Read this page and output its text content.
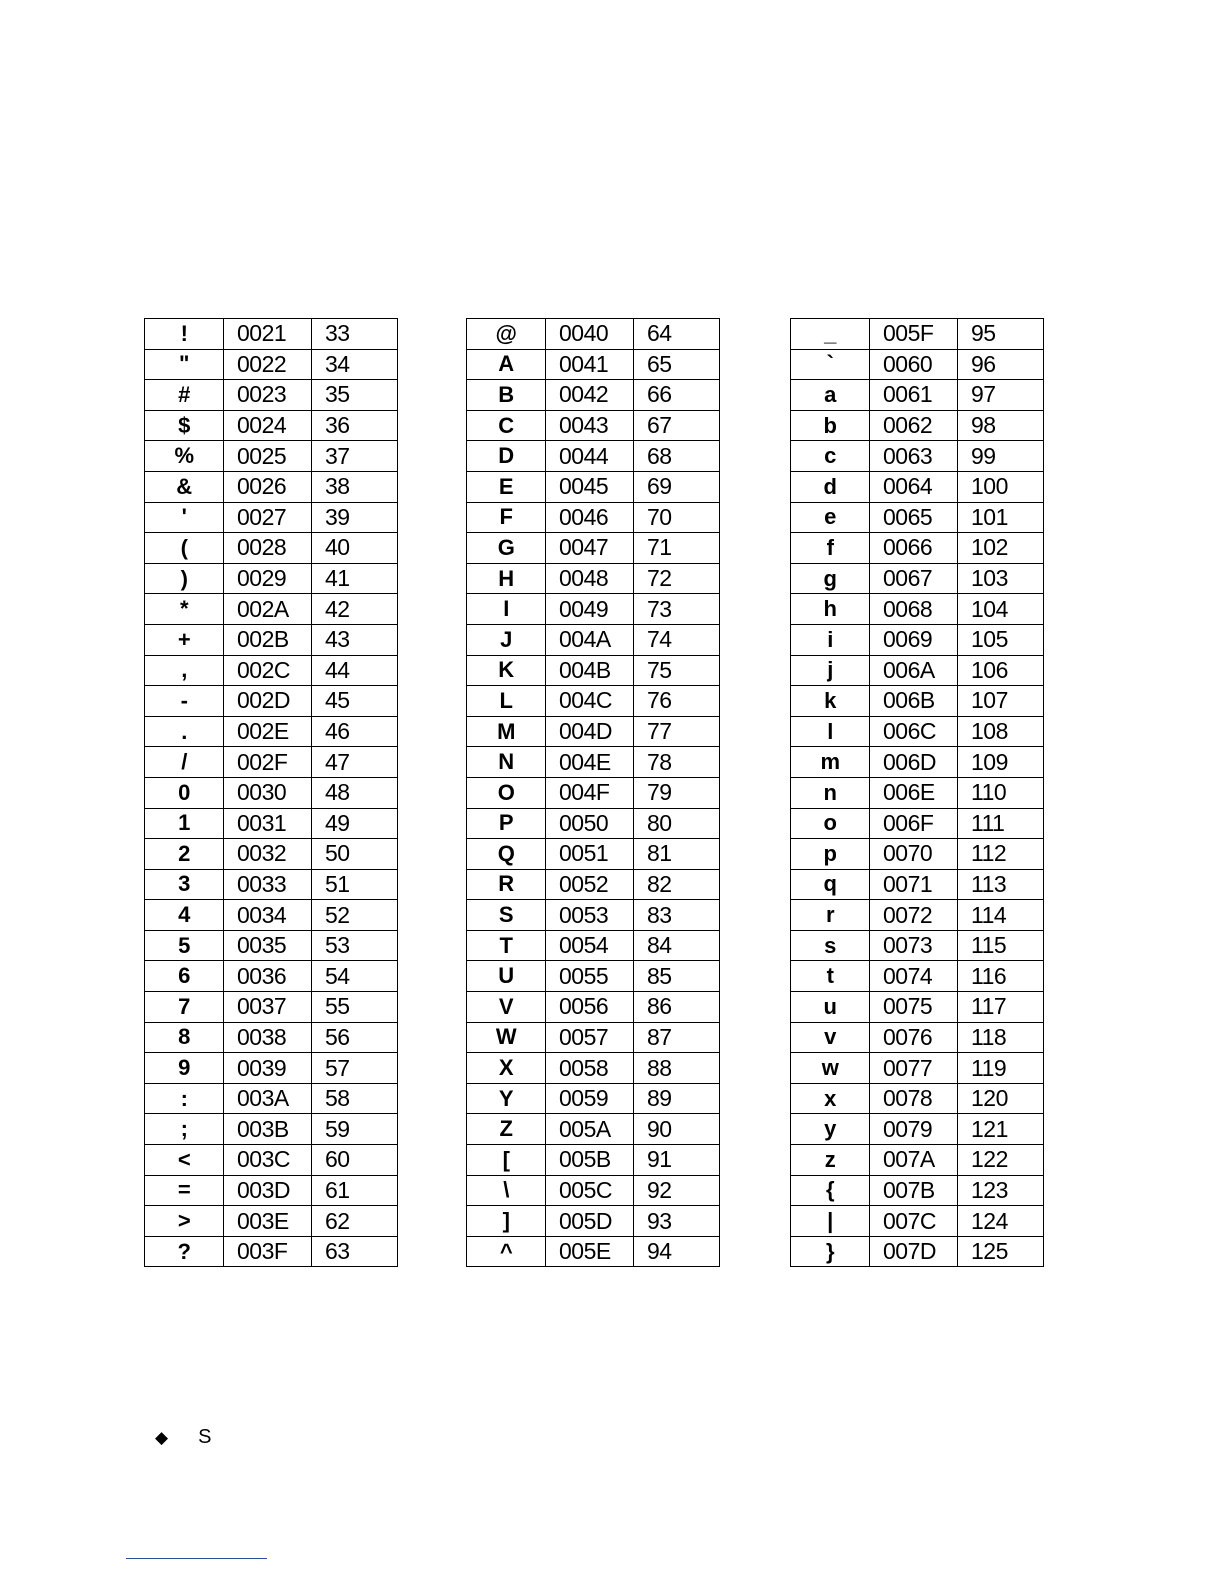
!	0021	33
"	0022	34
#	0023	35
$	0024	36
%	0025	37
&	0026	38
'	0027	39
(	0028	40
)	0029	41
*	002A	42
+	002B	43
,	002C	44
-	002D	45
.	002E	46
/	002F	47
0	0030	48
1	0031	49
2	0032	50
3	0033	51
4	0034	52
5	0035	53
6	0036	54
7	0037	55
8	0038	56
9	0039	57
:	003A	58
;	003B	59
<	003C	60
=	003D	61
>	003E	62
?	003F	63
@	0040	64
A	0041	65
B	0042	66
C	0043	67
D	0044	68
E	0045	69
F	0046	70
G	0047	71
H	0048	72
I	0049	73
J	004A	74
K	004B	75
L	004C	76
M	004D	77
N	004E	78
O	004F	79
P	0050	80
Q	0051	81
R	0052	82
S	0053	83
T	0054	84
U	0055	85
V	0056	86
W	0057	87
X	0058	88
Y	0059	89
Z	005A	90
[	005B	91
\	005C	92
]	005D	93
^	005E	94
_	005F	95
`	0060	96
a	0061	97
b	0062	98
c	0063	99
d	0064	100
e	0065	101
f	0066	102
g	0067	103
h	0068	104
i	0069	105
j	006A	106
k	006B	107
l	006C	108
m	006D	109
n	006E	110
o	006F	111
p	0070	112
q	0071	113
r	0072	114
s	0073	115
t	0074	116
u	0075	117
v	0076	118
w	0077	119
x	0078	120
y	0079	121
z	007A	122
{	007B	123
|	007C	124
}	007D	125
◆ S
